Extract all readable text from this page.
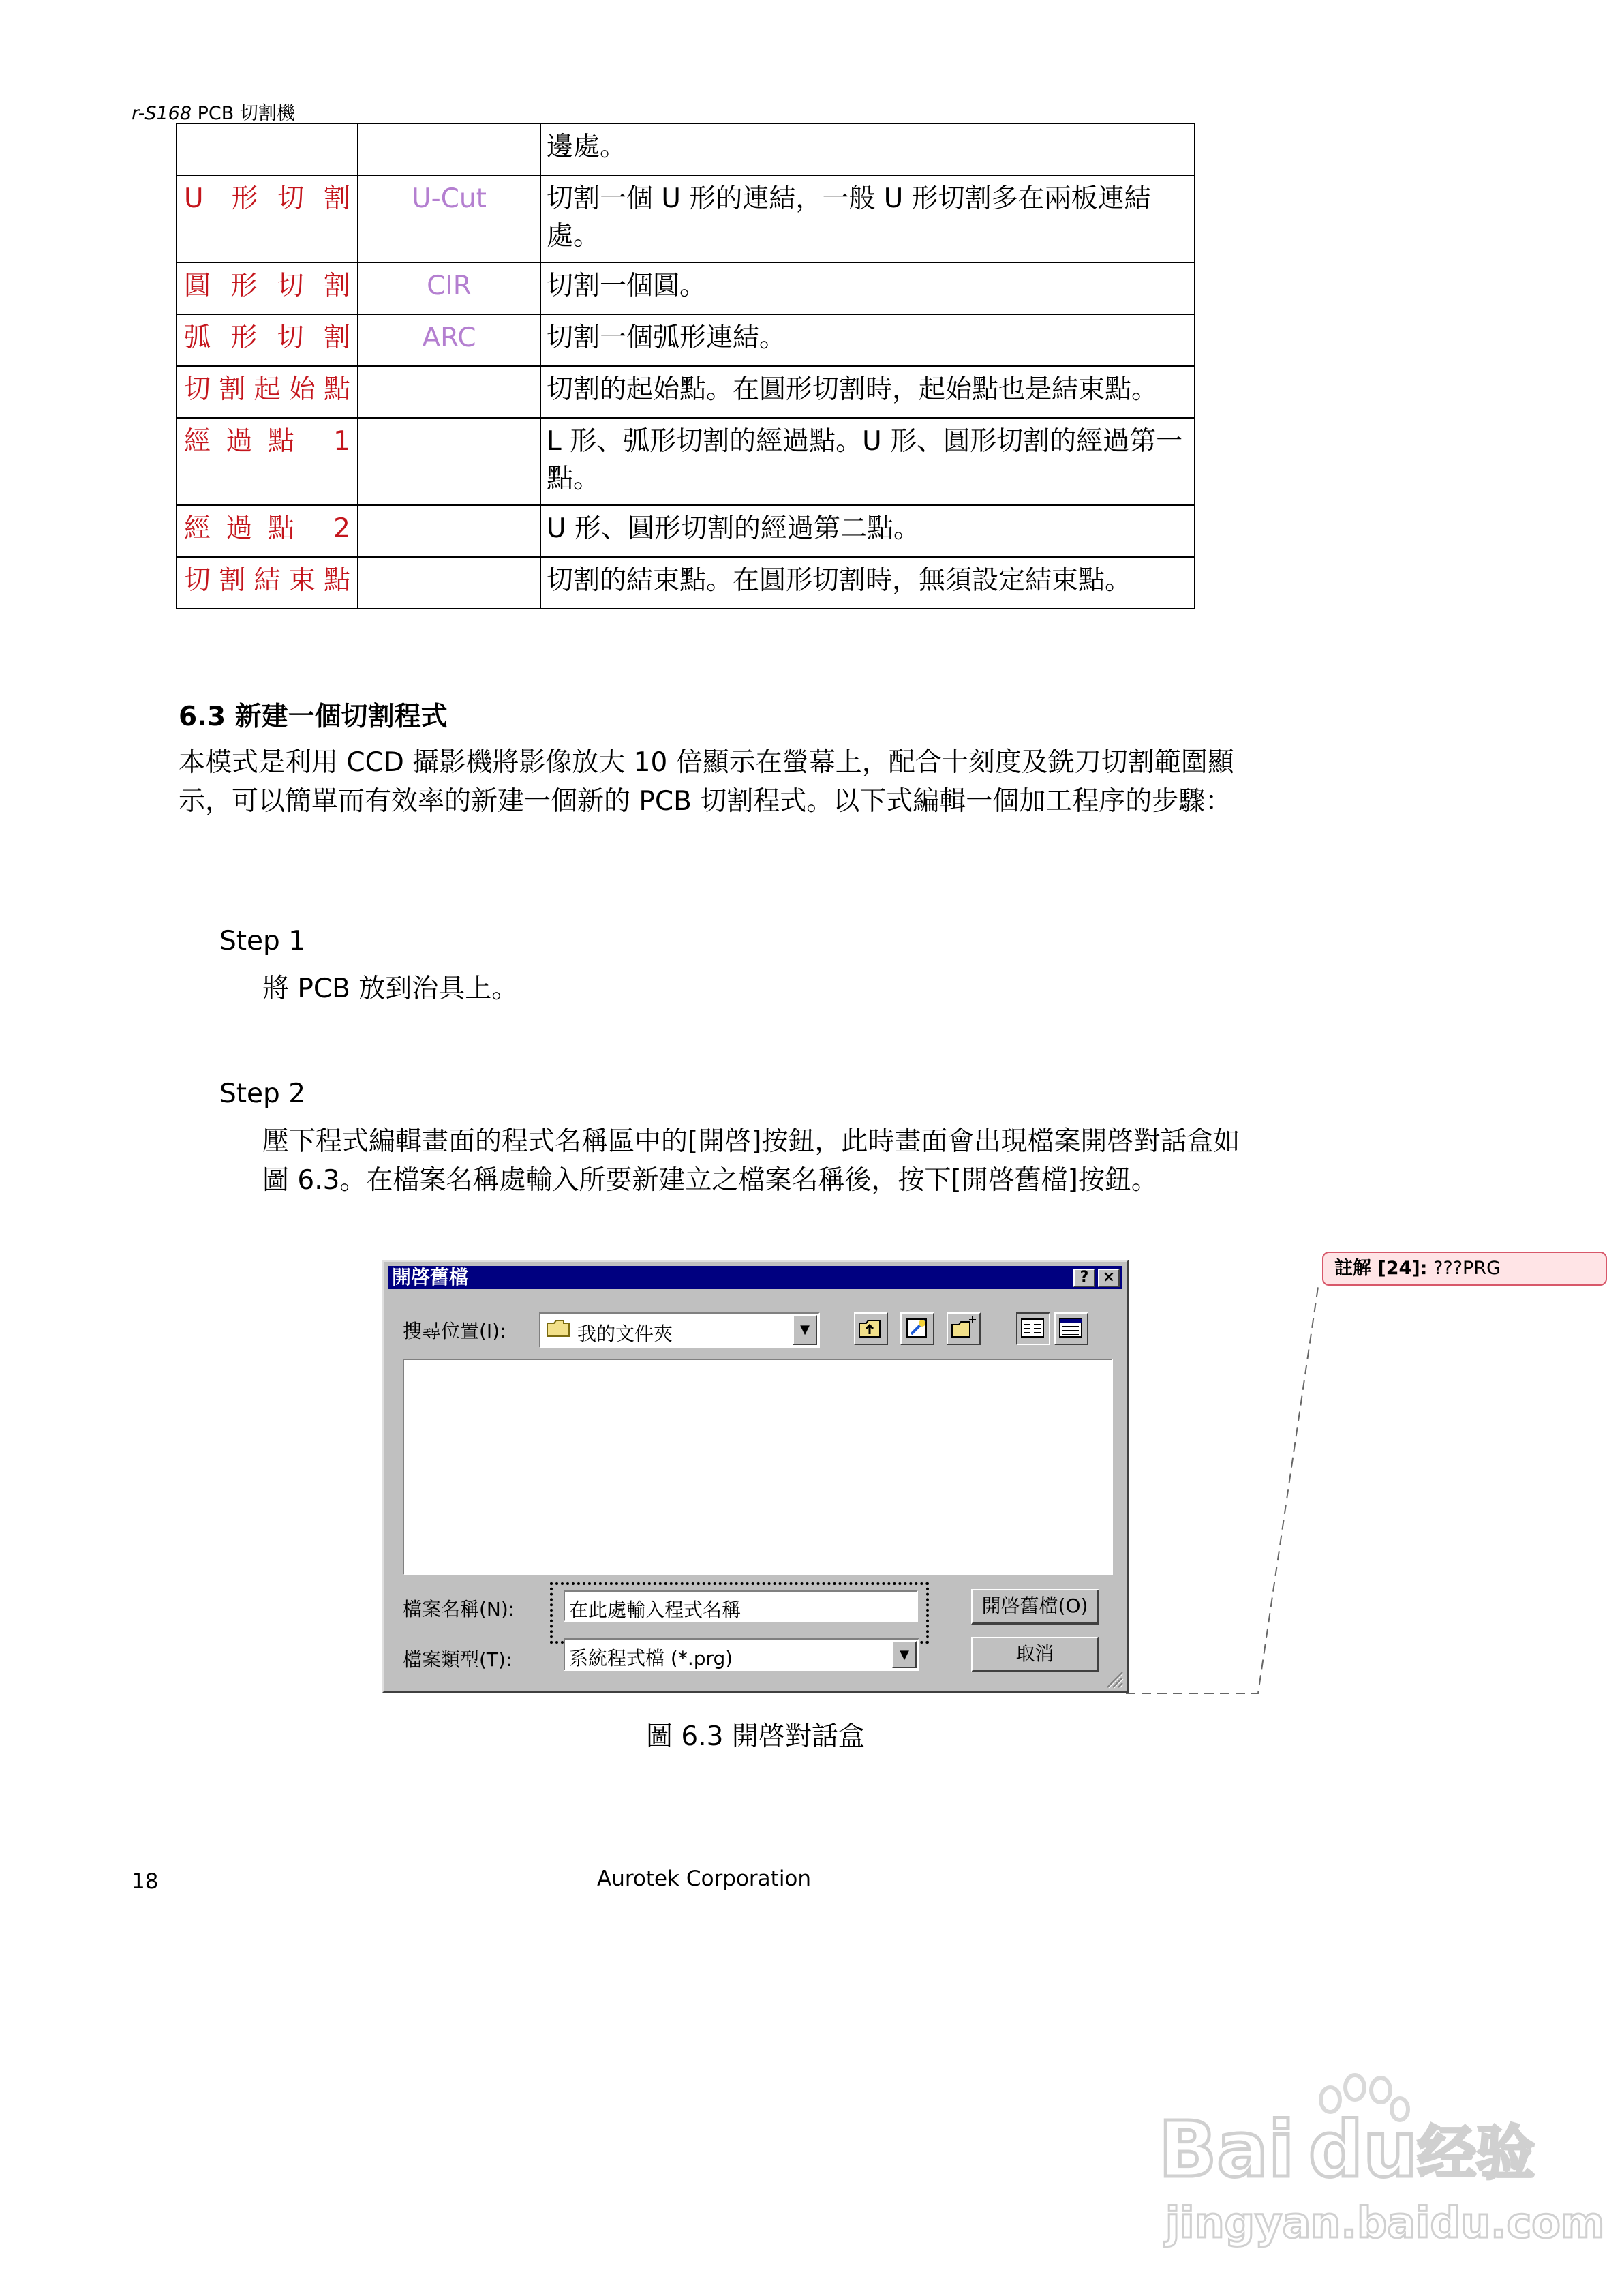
r-S168 PCB 切割機
		邊處。
U 形切割	U-Cut	切割一個 U 形的連結，一般 U 形切割多在兩板連結處。
圓形切割	CIR	切割一個圓。
弧形切割	ARC	切割一個弧形連結。
切割起始點		切割的起始點。在圓形切割時，起始點也是結束點。
經過點 1		L 形、弧形切割的經過點。U 形、圓形切割的經過第一點。
經過點 2		U 形、圓形切割的經過第二點。
切割結束點		切割的結束點。在圓形切割時，無須設定結束點。
6.3 新建一個切割程式
本模式是利用 CCD 攝影機將影像放大 10 倍顯示在螢幕上，配合十刻度及銑刀切割範圍顯示，可以簡單而有效率的新建一個新的 PCB 切割程式。以下式編輯一個加工程序的步驟：
Step 1
將 PCB 放到治具上。
Step 2
壓下程式編輯畫面的程式名稱區中的[開啓]按鈕，此時畫面會出現檔案開啓對話盒如圖 6.3。在檔案名稱處輸入所要新建立之檔案名稱後，按下[開啓舊檔]按鈕。
開啓舊檔	? ×
搜尋位置(I):	我的文件夾	▼
檔案名稱(N):	在此處輸入程式名稱	開啓舊檔(O)
檔案類型(T):	系統程式檔 (*.prg)	▼	取消
註解 [24]: ???PRG
圖 6.3 開啓對話盒
18	Aurotek Corporation
Bai du 经验
jingyan.baidu.com
